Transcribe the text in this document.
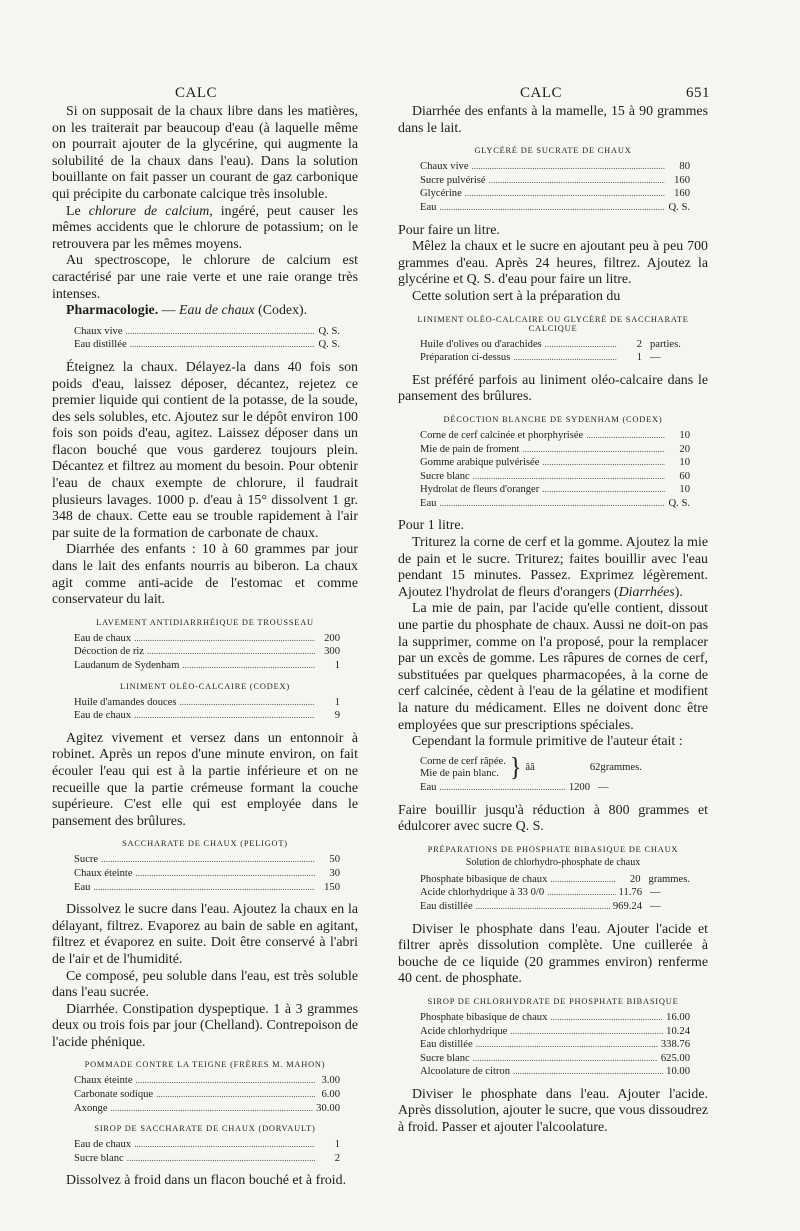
CALC	CALC	651

Si on supposait de la chaux libre dans les matières, on les traiterait par beaucoup d'eau (à laquelle même on pourrait ajouter de la glycérine, qui augmente la solubilité de la chaux dans l'eau). Dans la solution bouillante on fait passer un courant de gaz carbonique qui précipite du carbonate calcique très insoluble.

Le chlorure de calcium, ingéré, peut causer les mêmes accidents que le chlorure de potassium; on le retrouvera par les mêmes moyens.

Au spectroscope, le chlorure de calcium est caractérisé par une raie verte et une raie orange très intenses.

Pharmacologie. — Eau de chaux (Codex).

Chaux vive .....	Q. S.
Eau distillée .....	Q. S.

Éteignez la chaux. Délayez-la dans 40 fois son poids d'eau, laissez déposer, décantez, rejetez ce premier liquide qui contient de la potasse, de la soude, des sels solubles, etc. Ajoutez sur le dépôt environ 100 fois son poids d'eau, agitez. Laissez déposer dans un flacon bouché que vous garderez toujours plein. Décantez et filtrez au moment du besoin. Pour obtenir l'eau de chaux exempte de chlorure, il faudrait plusieurs lavages. 1000 p. d'eau à 15° dissolvent 1 gr. 348 de chaux. Cette eau se trouble rapidement à l'air par suite de la formation de carbonate de chaux.

Diarrhée des enfants : 10 à 60 grammes par jour dans le lait des enfants nourris au biberon. La chaux agit comme anti-acide de l'estomac et comme conservateur du lait.

LAVEMENT ANTIDIARRHÉIQUE DE TROUSSEAU
Eau de chaux .....	200
Décoction de riz .....	300
Laudanum de Sydenham .....	1
LINIMENT OLÉO-CALCAIRE (CODEX)
Huile d'amandes douces .....	1
Eau de chaux .....	9

Agitez vivement et versez dans un entonnoir à robinet. Après un repos d'une minute environ, on fait écouler l'eau qui est à la partie inférieure et on ne recueille que la partie crémeuse formant la couche supérieure. C'est elle qui est employée dans le pansement des brûlures.

SACCHARATE DE CHAUX (PELIGOT)
Sucre .....	50
Chaux éteinte .....	30
Eau .....	150

Dissolvez le sucre dans l'eau. Ajoutez la chaux en la délayant, filtrez. Evaporez au bain de sable en agitant, filtrez et évaporez en suite. Doit être conservé à l'abri de l'air et de l'humidité.

Ce composé, peu soluble dans l'eau, est très soluble dans l'eau sucrée.

Diarrhée. Constipation dyspeptique. 1 à 3 grammes deux ou trois fois par jour (Chelland). Contrepoison de l'acide phénique.

POMMADE CONTRE LA TEIGNE (FRÈRES M. MAHON)
Chaux éteinte .....	3.00
Carbonate sodique .....	6.00
Axonge .....	30.00
SIROP DE SACCHARATE DE CHAUX (DORVAULT)
Eau de chaux .....	1
Sucre blanc .....	2

Dissolvez à froid dans un flacon bouché et à froid.

Diarrhée des enfants à la mamelle, 15 à 90 grammes dans le lait.

GLYCÉRÉ DE SUCRATE DE CHAUX
Chaux vive .....	80
Sucre pulvérisé .....	160
Glycérine .....	160
Eau .....	Q. S.

Pour faire un litre.

Mêlez la chaux et le sucre en ajoutant peu à peu 700 grammes d'eau. Après 24 heures, filtrez. Ajoutez la glycérine et Q. S. d'eau pour faire un litre.

Cette solution sert à la préparation du

LINIMENT OLÉO-CALCAIRE OU GLYCÉRÉ DE SACCHARATE CALCIQUE
Huile d'olives ou d'arachides .....	2 parties.
Préparation ci-dessus .....	1 —

Est préféré parfois au liniment oléo-calcaire dans le pansement des brûlures.

DÉCOCTION BLANCHE DE SYDENHAM (CODEX)
Corne de cerf calcinée et phorphyrisée .....	10
Mie de pain de froment .....	20
Gomme arabique pulvérisée .....	10
Sucre blanc .....	60
Hydrolat de fleurs d'oranger .....	10
Eau .....	Q. S.

Pour 1 litre.

Triturez la corne de cerf et la gomme. Ajoutez la mie de pain et le sucre. Triturez; faites bouillir avec l'eau pendant 15 minutes. Passez. Exprimez légèrement. Ajoutez l'hydrolat de fleurs d'orangers (Diarrhées).

La mie de pain, par l'acide qu'elle contient, dissout une partie du phosphate de chaux. Aussi ne doit-on pas la supprimer, comme on l'a proposé, pour la remplacer par un excès de gomme. Les râpures de cornes de cerf, substituées par quelques pharmacopées, à la corne de cerf calcinée, cèdent à l'eau de la gélatine et modifient la nature du médicament. Elles ne doivent donc être employées que sur prescriptions spéciales.

Cependant la formule primitive de l'auteur était :

Corne de cerf râpée.
Mie de pain blanc. } ââ	62 grammes.
Eau .....	1200 —

Faire bouillir jusqu'à réduction à 800 grammes et édulcorer avec sucre Q. S.

PRÉPARATIONS DE PHOSPHATE BIBASIQUE DE CHAUX
Solution de chlorhydro-phosphate de chaux
Phosphate bibasique de chaux .....	20 grammes.
Acide chlorhydrique à 33 0/0 .....	11.76 —
Eau distillée .....	969.24 —

Diviser le phosphate dans l'eau. Ajouter l'acide et filtrer après dissolution complète. Une cuillerée à bouche de ce liquide (20 grammes environ) renferme 40 cent. de phosphate.

SIROP DE CHLORHYDRATE DE PHOSPHATE BIBASIQUE
Phosphate bibasique de chaux .....	16.00
Acide chlorhydrique .....	10.24
Eau distillée .....	338.76
Sucre blanc .....	625.00
Alcoolature de citron .....	10.00

Diviser le phosphate dans l'eau. Ajouter l'acide. Après dissolution, ajouter le sucre, que vous dissoudrez à froid. Passer et ajouter l'alcoolature.
